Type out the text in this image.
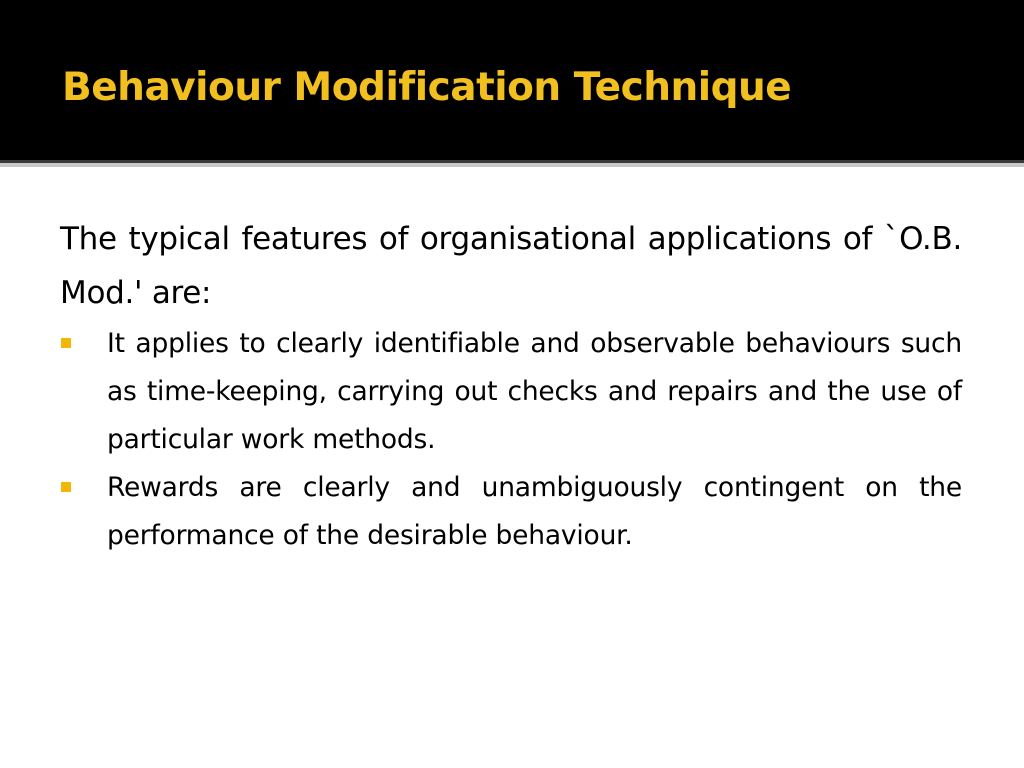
Behaviour Modification Technique

The typical features of organisational applications of `O.B. Mod.' are:

It applies to clearly identifiable and observable behaviours such as time-keeping, carrying out checks and repairs and the use of particular work methods.
Rewards are clearly and unambiguously contingent on the performance of the desirable behaviour.
